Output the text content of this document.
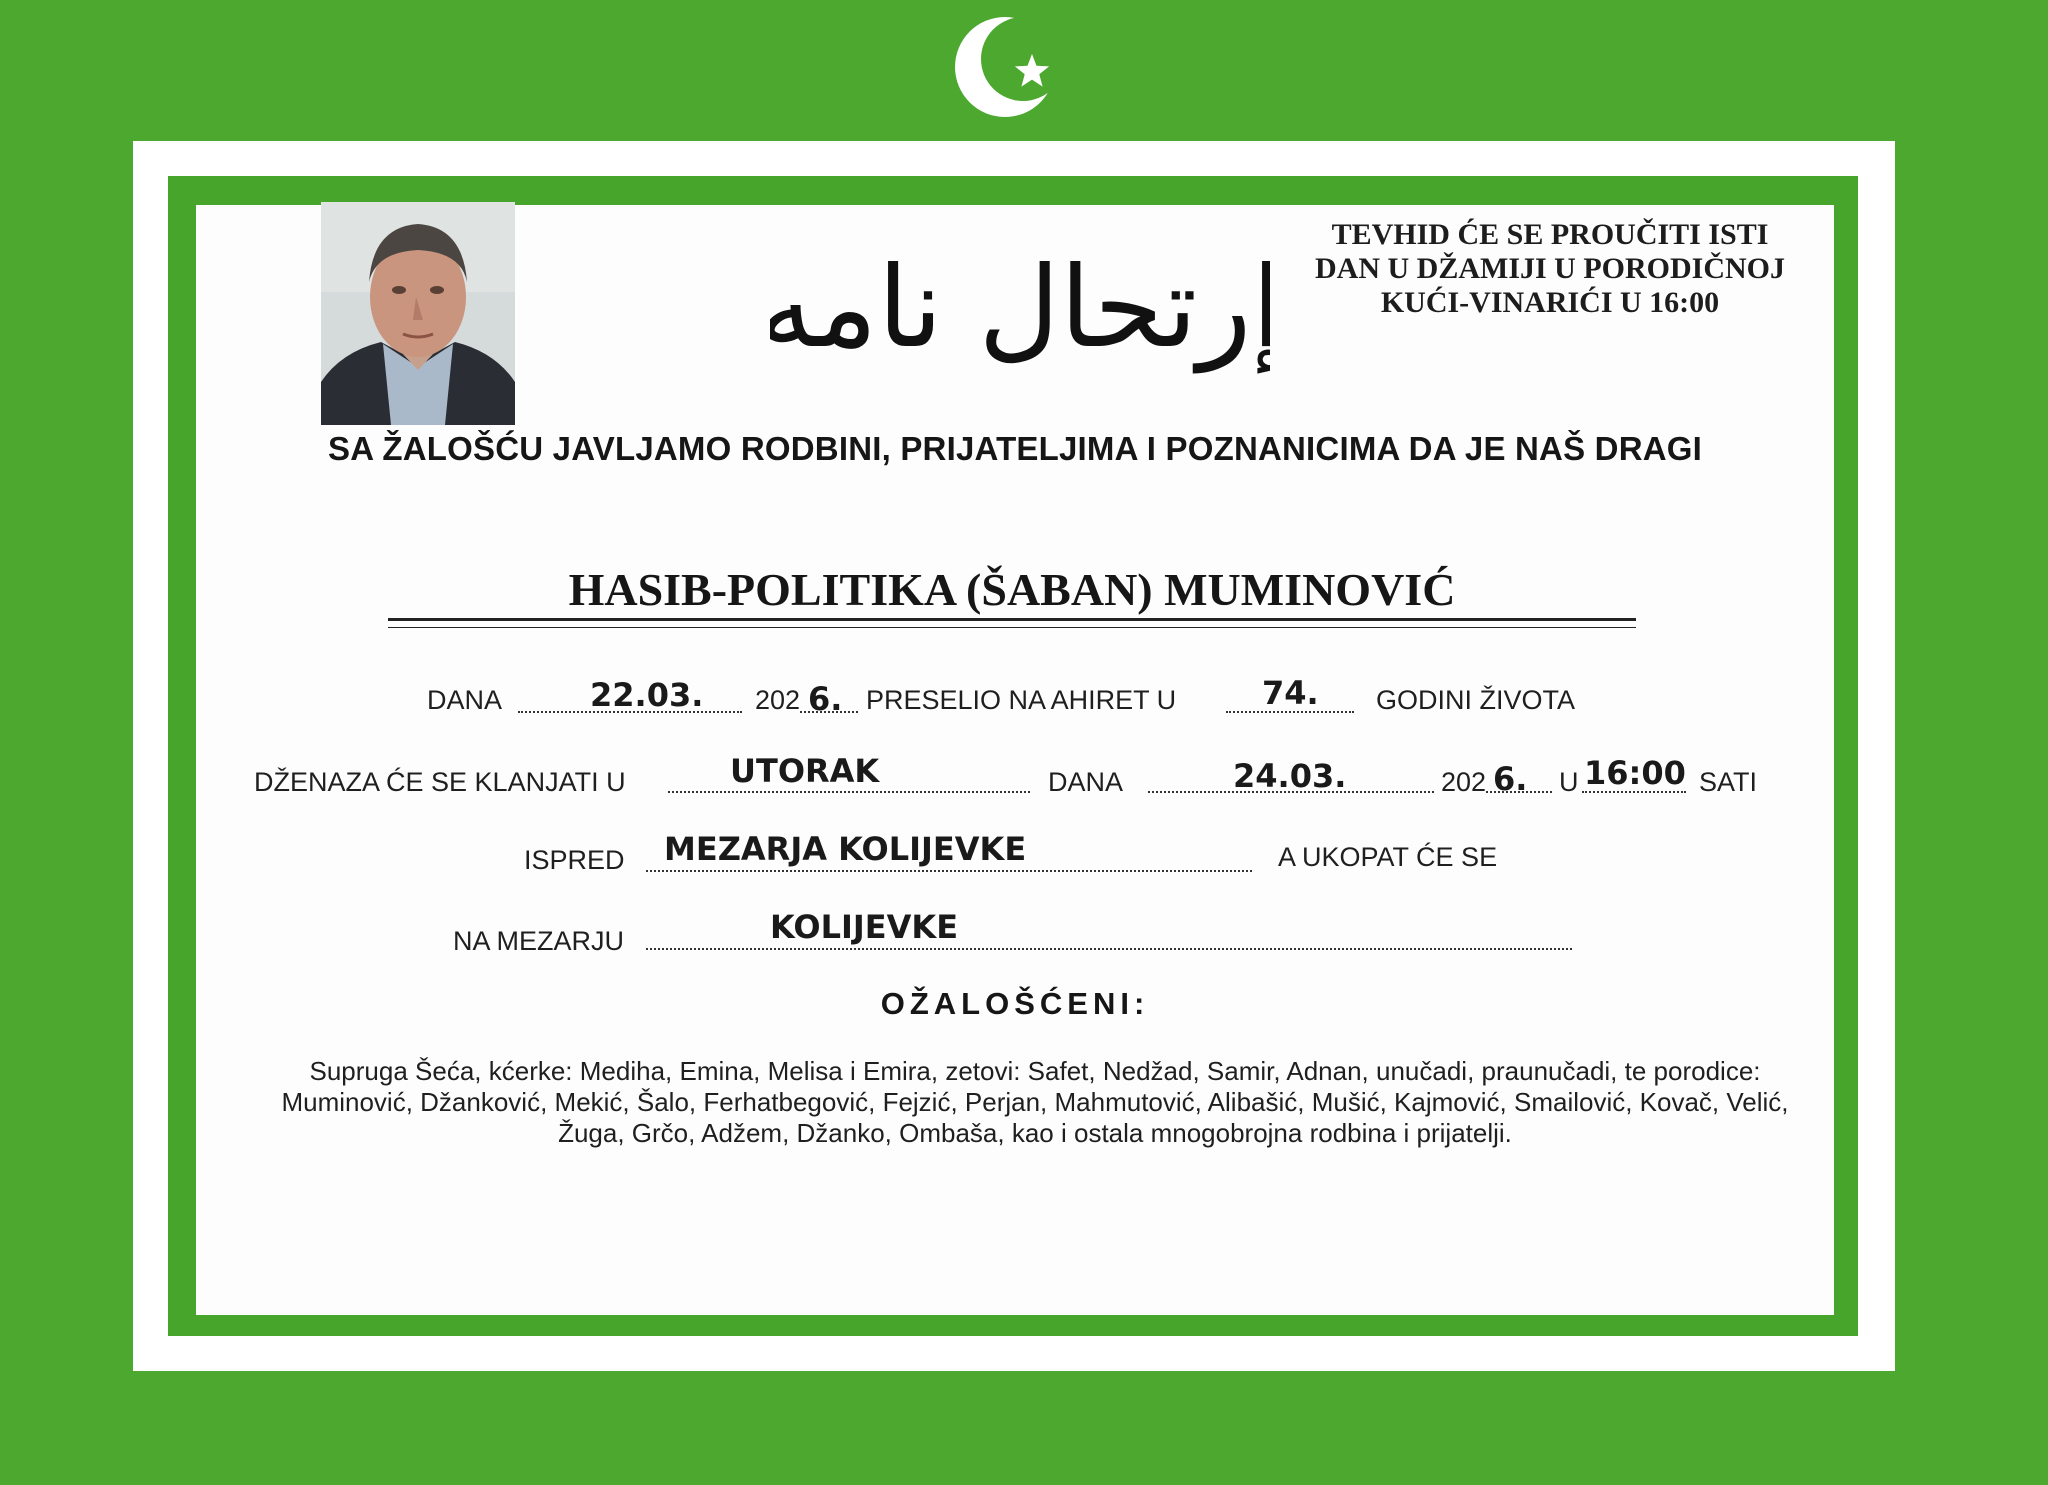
إرتحال نامه
TEVHID ĆE SE PROUČITI ISTI
DAN U DŽAMIJI U PORODIČNOJ
KUĆI-VINARIĆI U 16:00
SA ŽALOŠĆU JAVLJAMO RODBINI, PRIJATELJIMA I POZNANICIMA DA JE NAŠ DRAGI
HASIB-POLITIKA (ŠABAN) MUMINOVIĆ
DANA	22.03. 202 6. PRESELIO NA AHIRET U	74. GODINI ŽIVOTA
DŽENAZA ĆE SE KLANJATI U	UTORAK	DANA	24.03.	202 6. U 16:00 SATI
ISPRED MEZARJA KOLIJEVKE	A UKOPAT ĆE SE
NA MEZARJU	KOLIJEVKE
OŽALOŠĆENI:
Supruga Šeća, kćerke: Mediha, Emina, Melisa i Emira, zetovi: Safet, Nedžad, Samir, Adnan, unučadi, praunučadi, te porodice: Muminović, Džanković, Mekić, Šalo, Ferhatbegović, Fejzić, Perjan, Mahmutović, Alibašić, Mušić, Kajmović, Smailović, Kovač, Velić, Žuga, Grčo, Adžem, Džanko, Ombaša, kao i ostala mnogobrojna rodbina i prijatelji.
